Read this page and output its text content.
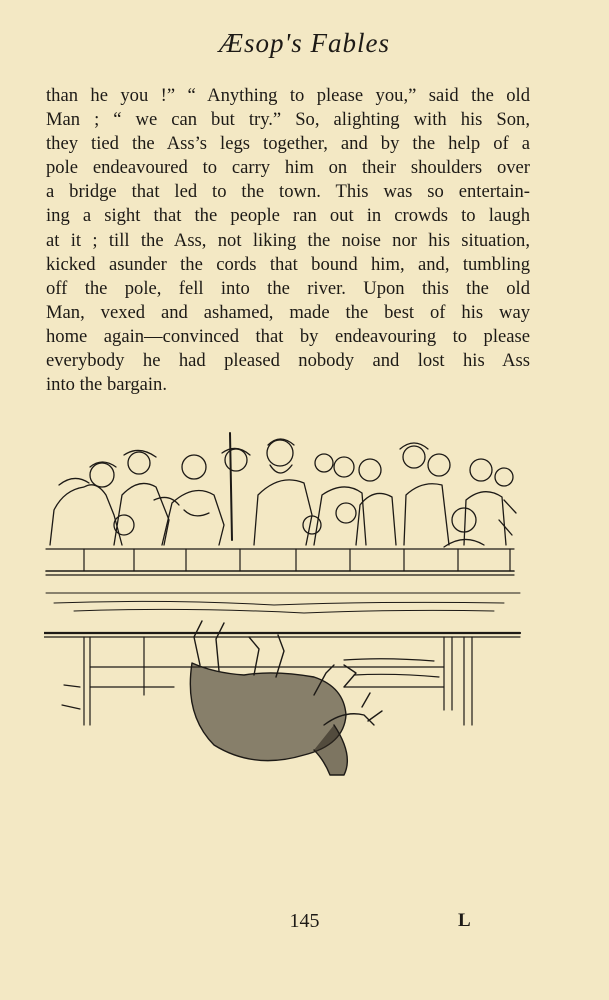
Æsop's Fables
than he you !” “ Anything to please you,” said the old
Man ; “ we can but try.” So, alighting with his Son,
they tied the Ass’s legs together, and by the help of a
pole endeavoured to carry him on their shoulders over
a bridge that led to the town. This was so entertain-
ing a sight that the people ran out in crowds to laugh
at it ; till the Ass, not liking the noise nor his situation,
kicked asunder the cords that bound him, and, tumbling
off the pole, fell into the river. Upon this the old
Man, vexed and ashamed, made the best of his way
home again—convinced that by endeavouring to please
everybody he had pleased nobody and lost his Ass
into the bargain.
145	L
